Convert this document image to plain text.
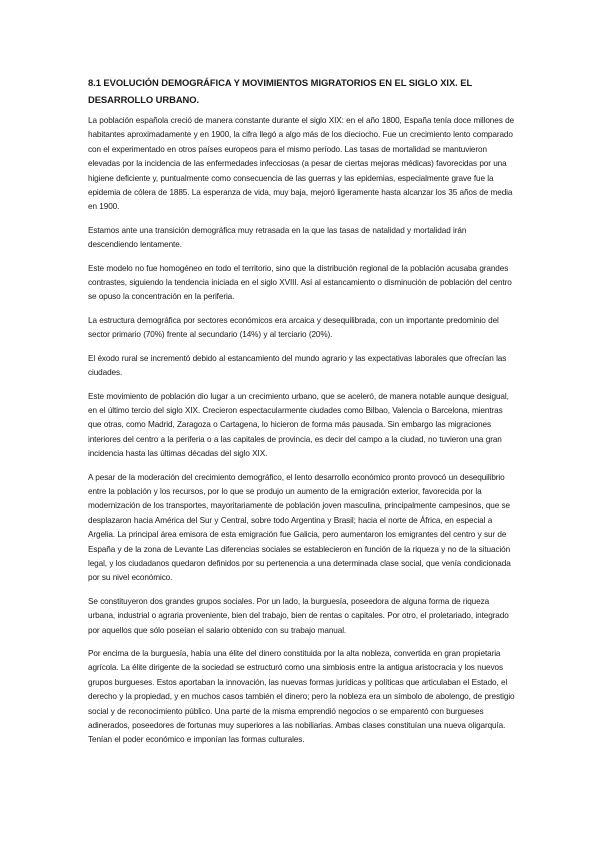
8.1 EVOLUCIÓN DEMOGRÁFICA Y MOVIMIENTOS MIGRATORIOS EN EL SIGLO XIX. EL DESARROLLO URBANO.

La población española creció de manera constante durante el siglo XIX: en el año 1800, España tenía doce millones de habitantes aproximadamente y en 1900, la cifra llegó a algo más de los dieciocho. Fue un crecimiento lento comparado con el experimentado en otros países europeos para el mismo período. Las tasas de mortalidad se mantuvieron elevadas por la incidencia de las enfermedades infecciosas (a pesar de ciertas mejoras médicas) favorecidas por una higiene deficiente y, puntualmente como consecuencia de las guerras y las epidemias, especialmente grave fue la epidemia de cólera de 1885. La esperanza de vida, muy baja, mejoró ligeramente hasta alcanzar los 35 años de media en 1900.

Estamos ante una transición demográfica muy retrasada en la que las tasas de natalidad y mortalidad irán descendiendo lentamente.

Este modelo no fue homogéneo en todo el territorio, sino que la distribución regional de la población acusaba grandes contrastes, siguiendo la tendencia iniciada en el siglo XVIII. Así al estancamiento o disminución de población del centro se opuso la concentración en la periferia.

La estructura demográfica por sectores económicos era arcaica y desequilibrada, con un importante predominio del sector primario (70%) frente al secundario (14%) y al terciario (20%).

El éxodo rural se incrementó debido al estancamiento del mundo agrario y las expectativas laborales que ofrecían las ciudades.

Este movimiento de población dio lugar a un crecimiento urbano, que se aceleró, de manera notable aunque desigual, en el último tercio del siglo XIX. Crecieron espectacularmente ciudades como Bilbao, Valencia o Barcelona, mientras que otras, como Madrid, Zaragoza o Cartagena, lo hicieron de forma más pausada. Sin embargo las migraciones interiores del centro a la periferia o a las capitales de provincia, es decir del campo a la ciudad, no tuvieron una gran incidencia hasta las últimas décadas del siglo XIX.

A pesar de la moderación del crecimiento demográfico, el lento desarrollo económico pronto provocó un desequilibrio entre la población y los recursos, por lo que se produjo un aumento de la emigración exterior, favorecida por la modernización de los transportes, mayoritariamente de población joven masculina, principalmente campesinos, que se desplazaron hacia América del Sur y Central, sobre todo Argentina y Brasil; hacia el norte de África, en especial a Argelia. La principal área emisora de esta emigración fue Galicia, pero aumentaron los emigrantes del centro y sur de España y de la zona de Levante Las diferencias sociales se establecieron en función de la riqueza y no de la situación legal, y los ciudadanos quedaron definidos por su pertenencia a una determinada clase social, que venía condicionada por su nivel económico.

Se constituyeron dos grandes grupos sociales. Por un lado, la burguesía, poseedora de alguna forma de riqueza urbana, industrial o agraria proveniente, bien del trabajo, bien de rentas o capitales. Por otro, el proletariado, integrado por aquellos que sólo poseían el salario obtenido con su trabajo manual.

Por encima de la burguesía, había una élite del dinero constituida por la alta nobleza, convertida en gran propietaria agrícola. La élite dirigente de la sociedad se estructuró como una simbiosis entre la antigua aristocracia y los nuevos grupos burgueses. Estos aportaban la innovación, las nuevas formas jurídicas y políticas que articulaban el Estado, el derecho y la propiedad, y en muchos casos también el dinero; pero la nobleza era un símbolo de abolengo, de prestigio social y de reconocimiento público. Una parte de la misma emprendió negocios o se emparentó con burgueses adinerados, poseedores de fortunas muy superiores a las nobiliarias. Ambas clases constituían una nueva oligarquía. Tenían el poder económico e imponían las formas culturales.
